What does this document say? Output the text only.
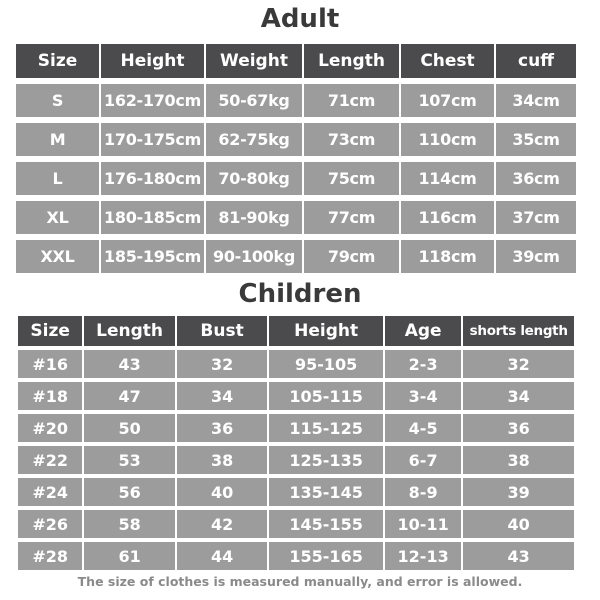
Adult
Size	Height	Weight	Length	Chest	cuff
S	162-170cm	50-67kg	71cm	107cm	34cm
M	170-175cm	62-75kg	73cm	110cm	35cm
L	176-180cm	70-80kg	75cm	114cm	36cm
XL	180-185cm	81-90kg	77cm	116cm	37cm
XXL	185-195cm	90-100kg	79cm	118cm	39cm
Children
Size	Length	Bust	Height	Age	shorts length
#16	43	32	95-105	2-3	32
#18	47	34	105-115	3-4	34
#20	50	36	115-125	4-5	36
#22	53	38	125-135	6-7	38
#24	56	40	135-145	8-9	39
#26	58	42	145-155	10-11	40
#28	61	44	155-165	12-13	43
The size of clothes is measured manually, and error is allowed.
